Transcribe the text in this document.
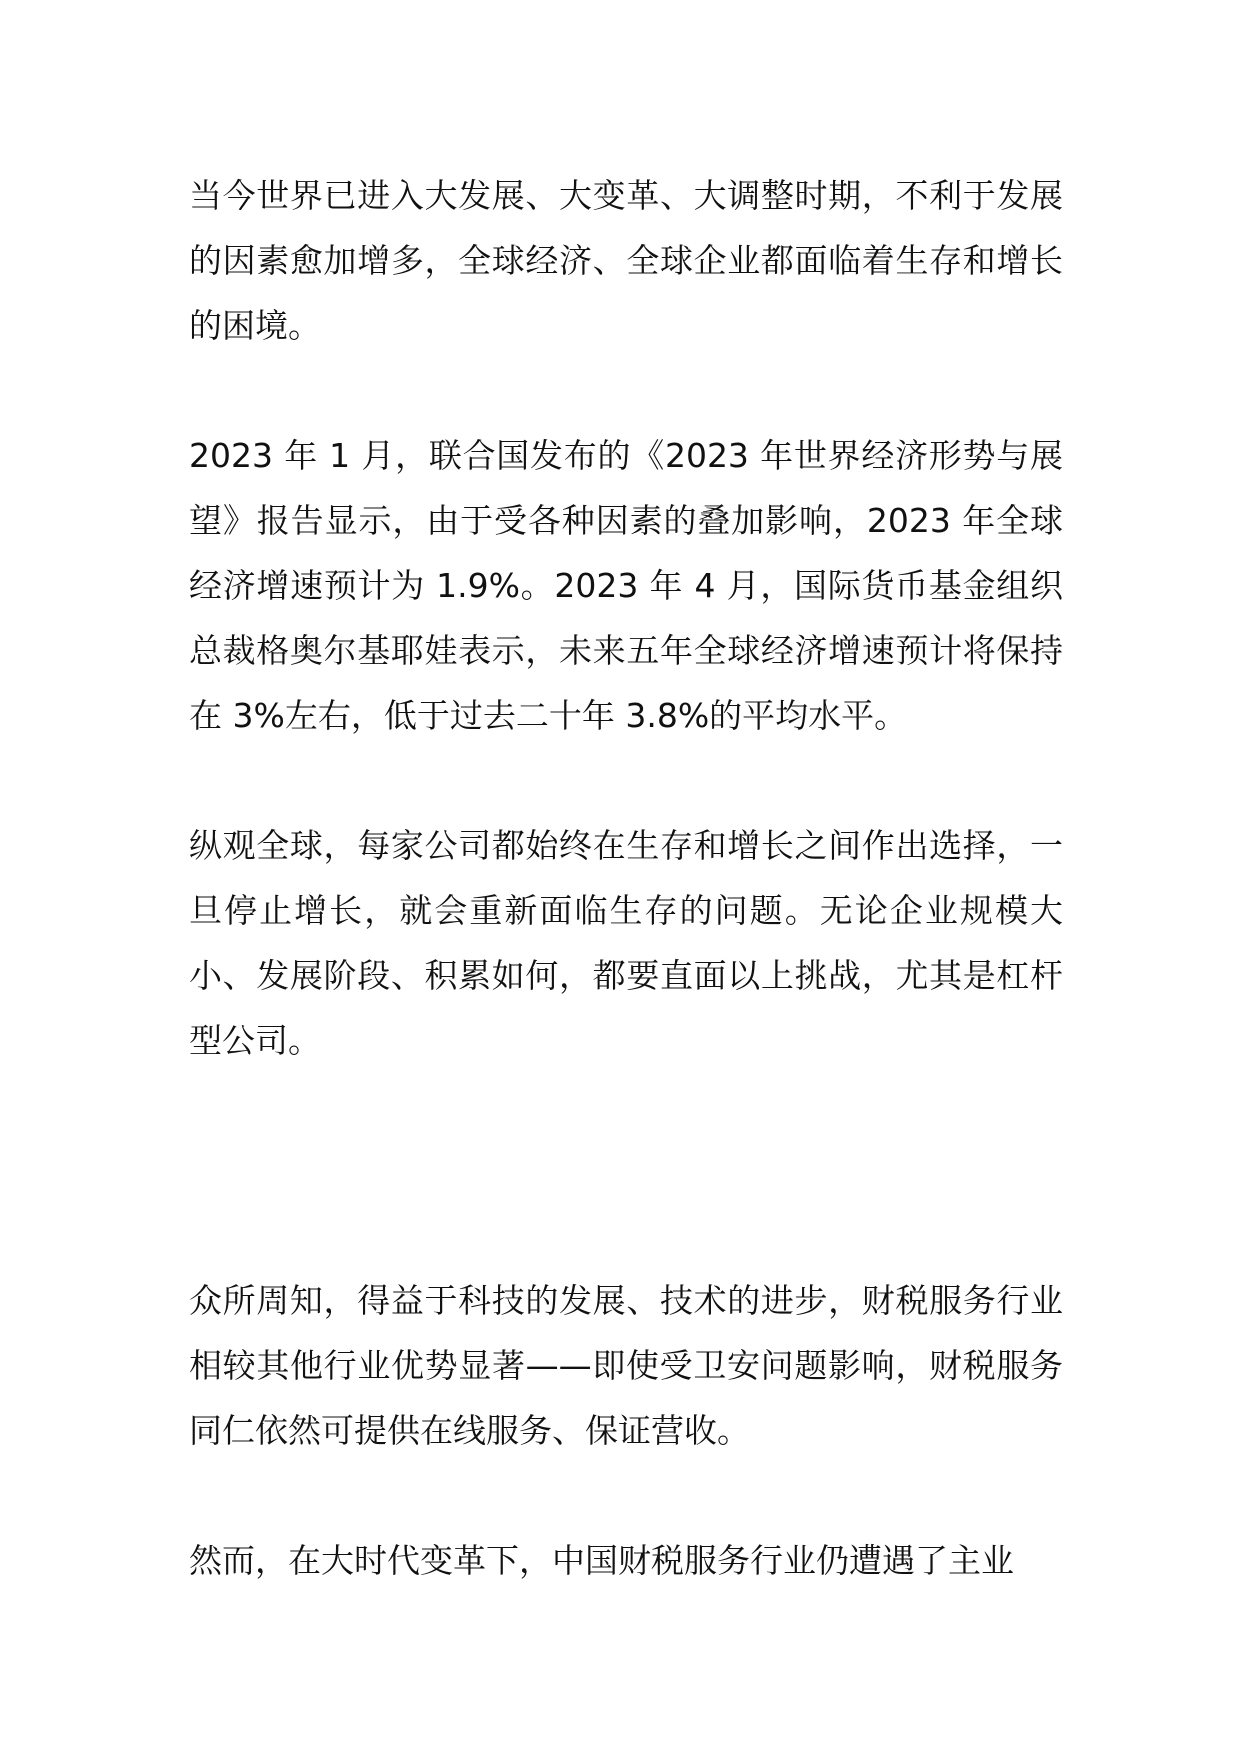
当今世界已进入大发展、大变革、大调整时期，不利于发展的因素愈加增多，全球经济、全球企业都面临着生存和增长的困境。

2023 年 1 月，联合国发布的《2023 年世界经济形势与展望》报告显示，由于受各种因素的叠加影响，2023 年全球经济增速预计为 1.9%。2023 年 4 月，国际货币基金组织总裁格奥尔基耶娃表示，未来五年全球经济增速预计将保持在 3%左右，低于过去二十年 3.8%的平均水平。

纵观全球，每家公司都始终在生存和增长之间作出选择，一旦停止增长，就会重新面临生存的问题。无论企业规模大小、发展阶段、积累如何，都要直面以上挑战，尤其是杠杆型公司。

众所周知，得益于科技的发展、技术的进步，财税服务行业相较其他行业优势显著——即使受卫安问题影响，财税服务同仁依然可提供在线服务、保证营收。

然而，在大时代变革下，中国财税服务行业仍遭遇了主业
